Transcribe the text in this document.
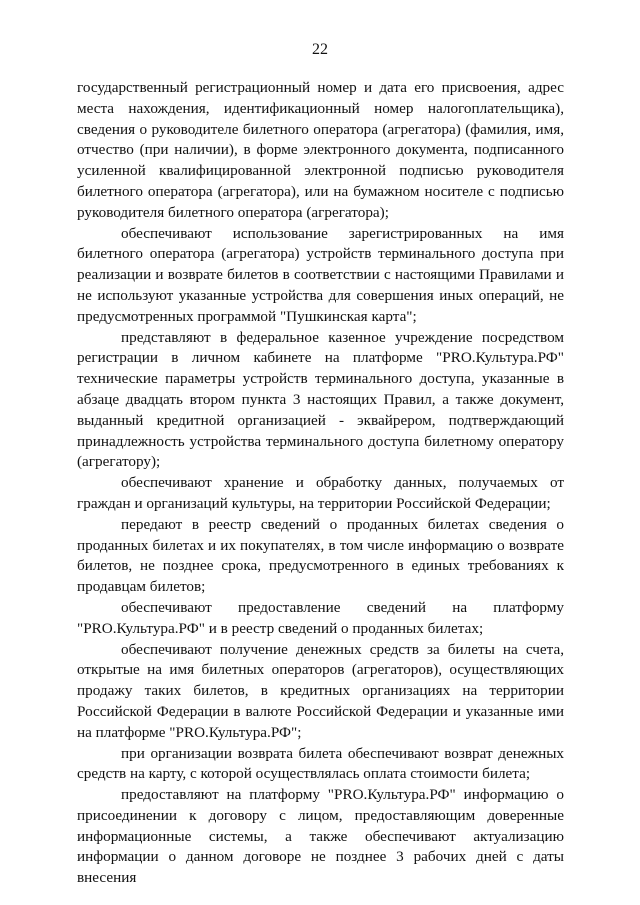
22

государственный регистрационный номер и дата его присвоения, адрес места нахождения, идентификационный номер налогоплательщика), сведения о руководителе билетного оператора (агрегатора) (фамилия, имя, отчество (при наличии), в форме электронного документа, подписанного усиленной квалифицированной электронной подписью руководителя билетного оператора (агрегатора), или на бумажном носителе с подписью руководителя билетного оператора (агрегатора);

обеспечивают использование зарегистрированных на имя билетного оператора (агрегатора) устройств терминального доступа при реализации и возврате билетов в соответствии с настоящими Правилами и не используют указанные устройства для совершения иных операций, не предусмотренных программой "Пушкинская карта";

представляют в федеральное казенное учреждение посредством регистрации в личном кабинете на платформе "PRO.Культура.РФ" технические параметры устройств терминального доступа, указанные в абзаце двадцать втором пункта 3 настоящих Правил, а также документ, выданный кредитной организацией - эквайрером, подтверждающий принадлежность устройства терминального доступа билетному оператору (агрегатору);

обеспечивают хранение и обработку данных, получаемых от граждан и организаций культуры, на территории Российской Федерации;

передают в реестр сведений о проданных билетах сведения о проданных билетах и их покупателях, в том числе информацию о возврате билетов, не позднее срока, предусмотренного в единых требованиях к продавцам билетов;

обеспечивают предоставление сведений на платформу "PRO.Культура.РФ" и в реестр сведений о проданных билетах;

обеспечивают получение денежных средств за билеты на счета, открытые на имя билетных операторов (агрегаторов), осуществляющих продажу таких билетов, в кредитных организациях на территории Российской Федерации в валюте Российской Федерации и указанные ими на платформе "PRO.Культура.РФ";

при организации возврата билета обеспечивают возврат денежных средств на карту, с которой осуществлялась оплата стоимости билета;

предоставляют на платформу "PRO.Культура.РФ" информацию о присоединении к договору с лицом, предоставляющим доверенные информационные системы, а также обеспечивают актуализацию информации о данном договоре не позднее 3 рабочих дней с даты внесения
